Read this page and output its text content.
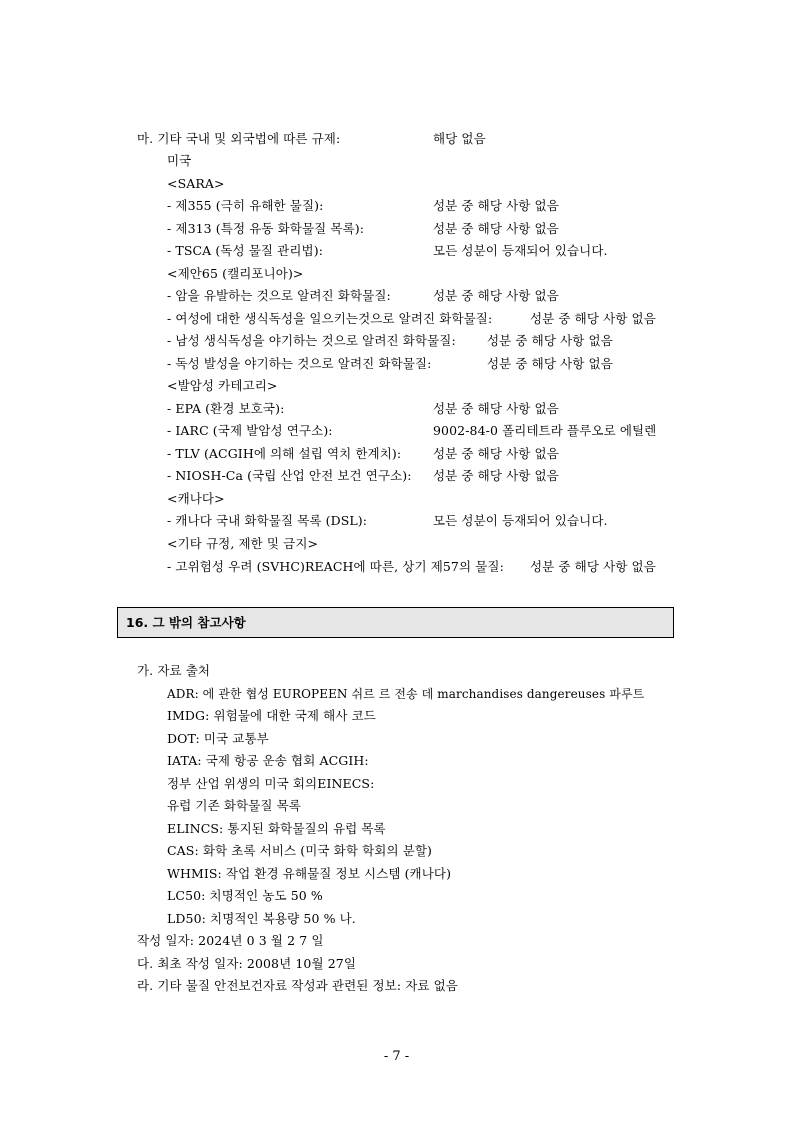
마. 기타 국내 및 외국법에 따른 규제:	해당 없음
미국
<SARA>
- 제355 (극히 유해한 물질):	성분 중 해당 사항 없음
- 제313 (특정 유동 화학물질 목록):	성분 중 해당 사항 없음
- TSCA (독성 물질 관리법):	모든 성분이 등재되어 있습니다.
<제안65 (캘리포니아)>
- 암을 유발하는 것으로 알려진 화학물질:	성분 중 해당 사항 없음
- 여성에 대한 생식독성을 일으키는것으로 알려진 화학물질:	성분 중 해당 사항 없음
- 남성 생식독성을 야기하는 것으로 알려진 화학물질: 성분 중 해당 사항 없음
- 독성 발성을 야기하는 것으로 알려진 화학물질:	성분 중 해당 사항 없음
<발암성 카테고리>
- EPA (환경 보호국):	성분 중 해당 사항 없음
- IARC (국제 발암성 연구소):	9002-84-0 폴리테트라 플루오로 에틸렌
- TLV (ACGIH에 의해 설립 역치 한계치):	성분 중 해당 사항 없음
- NIOSH-Ca (국립 산업 안전 보건 연구소): 성분 중 해당 사항 없음
<캐나다>
- 캐나다 국내 화학물질 목록 (DSL):	모든 성분이 등재되어 있습니다.
<기타 규정, 제한 및 금지>
- 고위험성 우려 (SVHC)REACH에 따른, 상기 제57의 물질: 성분 중 해당 사항 없음
16. 그 밖의 참고사항
가. 자료 출처
ADR: 에 관한 협성 EUROPEEN 쉬르 르 전송 데 marchandises dangereuses 파루트
IMDG: 위험물에 대한 국제 해사 코드
DOT: 미국 교통부
IATA: 국제 항공 운송 협회 ACGIH:
정부 산업 위생의 미국 회의EINECS:
유럽 기존 화학물질 목록
ELINCS: 통지된 화학물질의 유럽 목록
CAS: 화학 초록 서비스 (미국 화학 학회의 분할)
WHMIS: 작업 환경 유해물질 정보 시스템 (캐나다)
LC50: 치명적인 농도 50 %
LD50: 치명적인 복용량 50 % 나.
작성 일자: 2024년 0 3 월 2 7 일
다. 최초 작성 일자: 2008년 10월 27일
라. 기타 물질 안전보건자료 작성과 관련된 정보: 자료 없음
- 7 -
